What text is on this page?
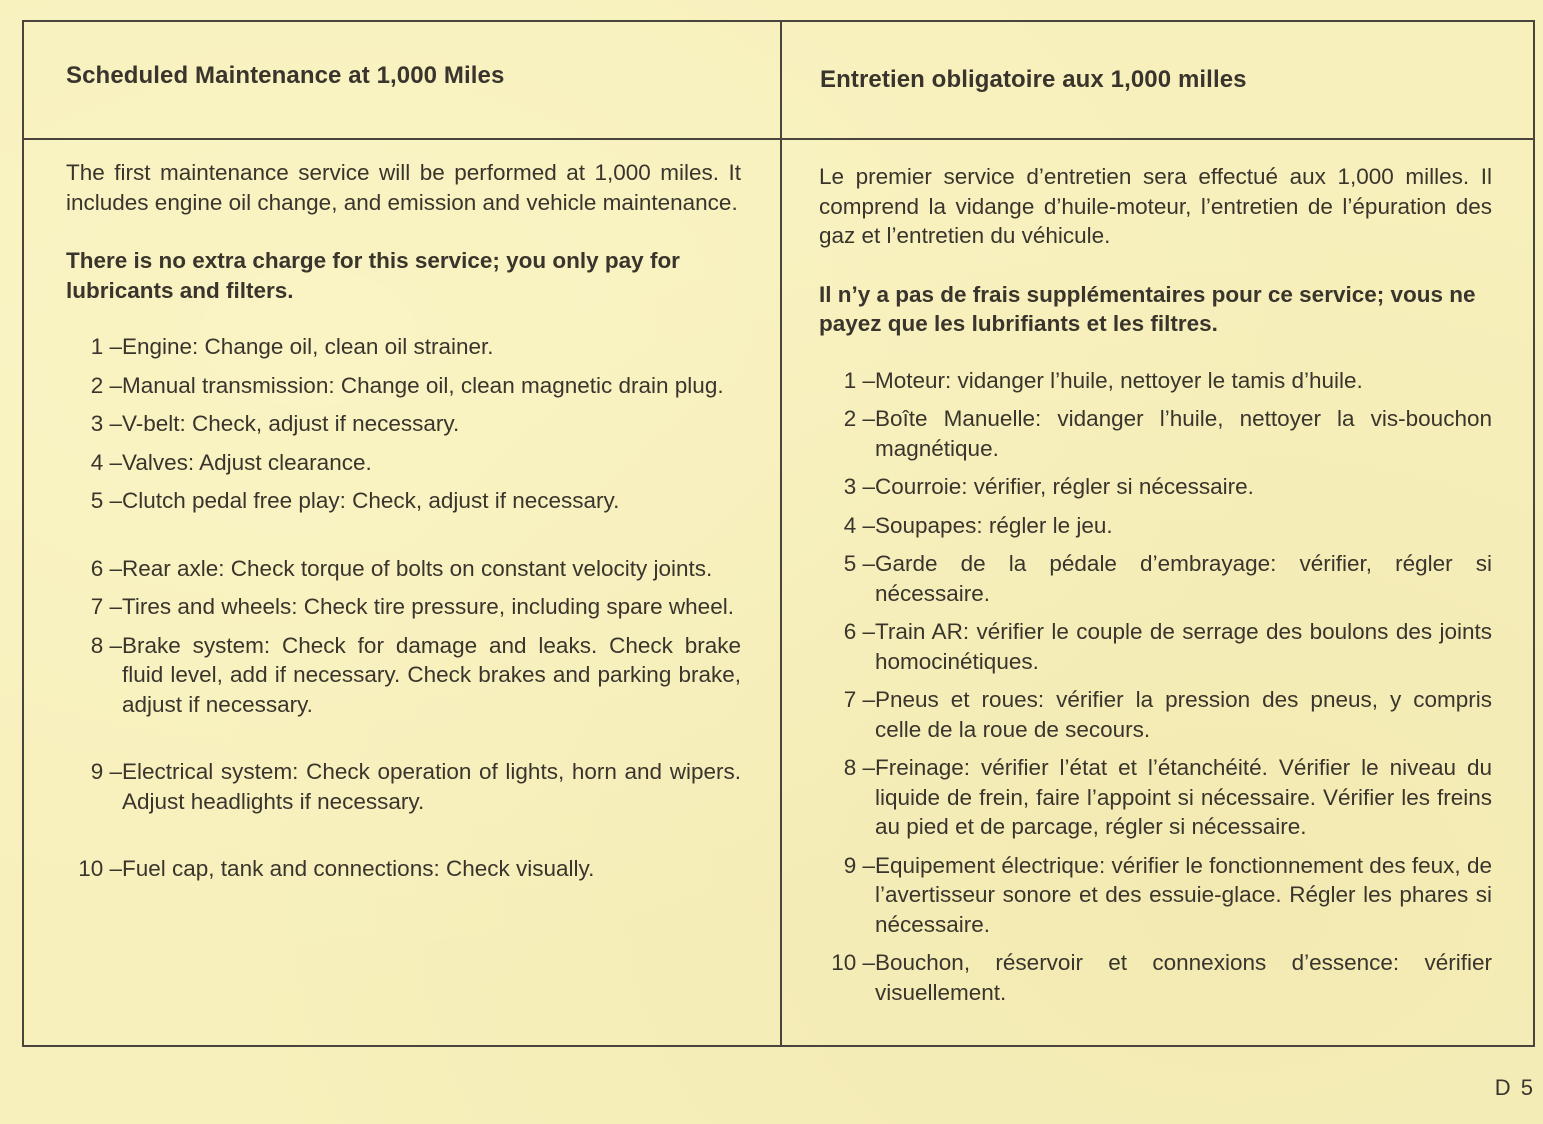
Scheduled Maintenance at 1,000 Miles

The first maintenance service will be performed at 1,000 miles. It includes engine oil change, and emission and vehicle maintenance.

There is no extra charge for this service; you only pay for lubricants and filters.

1 – Engine: Change oil, clean oil strainer.
2 – Manual transmission: Change oil, clean magnetic drain plug.
3 – V-belt: Check, adjust if necessary.
4 – Valves: Adjust clearance.
5 – Clutch pedal free play: Check, adjust if necessary.
6 – Rear axle: Check torque of bolts on constant velocity joints.
7 – Tires and wheels: Check tire pressure, including spare wheel.
8 – Brake system: Check for damage and leaks. Check brake fluid level, add if necessary. Check brakes and parking brake, adjust if necessary.
9 – Electrical system: Check operation of lights, horn and wipers. Adjust headlights if necessary.
10 – Fuel cap, tank and connections: Check visually.
Entretien obligatoire aux 1,000 milles

Le premier service d’entretien sera effectué aux 1,000 milles. Il comprend la vidange d’huile-moteur, l’entretien de l’épuration des gaz et l’entretien du véhicule.

Il n’y a pas de frais supplémentaires pour ce service; vous ne payez que les lubrifiants et les filtres.

1 – Moteur: vidanger l’huile, nettoyer le tamis d’huile.
2 – Boîte Manuelle: vidanger l’huile, nettoyer la vis-bouchon magnétique.
3 – Courroie: vérifier, régler si nécessaire.
4 – Soupapes: régler le jeu.
5 – Garde de la pédale d’embrayage: vérifier, régler si nécessaire.
6 – Train AR: vérifier le couple de serrage des boulons des joints homocinétiques.
7 – Pneus et roues: vérifier la pression des pneus, y compris celle de la roue de secours.
8 – Freinage: vérifier l’état et l’étanchéité. Vérifier le niveau du liquide de frein, faire l’appoint si nécessaire. Vérifier les freins au pied et de parcage, régler si nécessaire.
9 – Equipement électrique: vérifier le fonctionnement des feux, de l’avertisseur sonore et des essuie-glace. Régler les phares si nécessaire.
10 – Bouchon, réservoir et connexions d’essence: vérifier visuellement.
D 5
